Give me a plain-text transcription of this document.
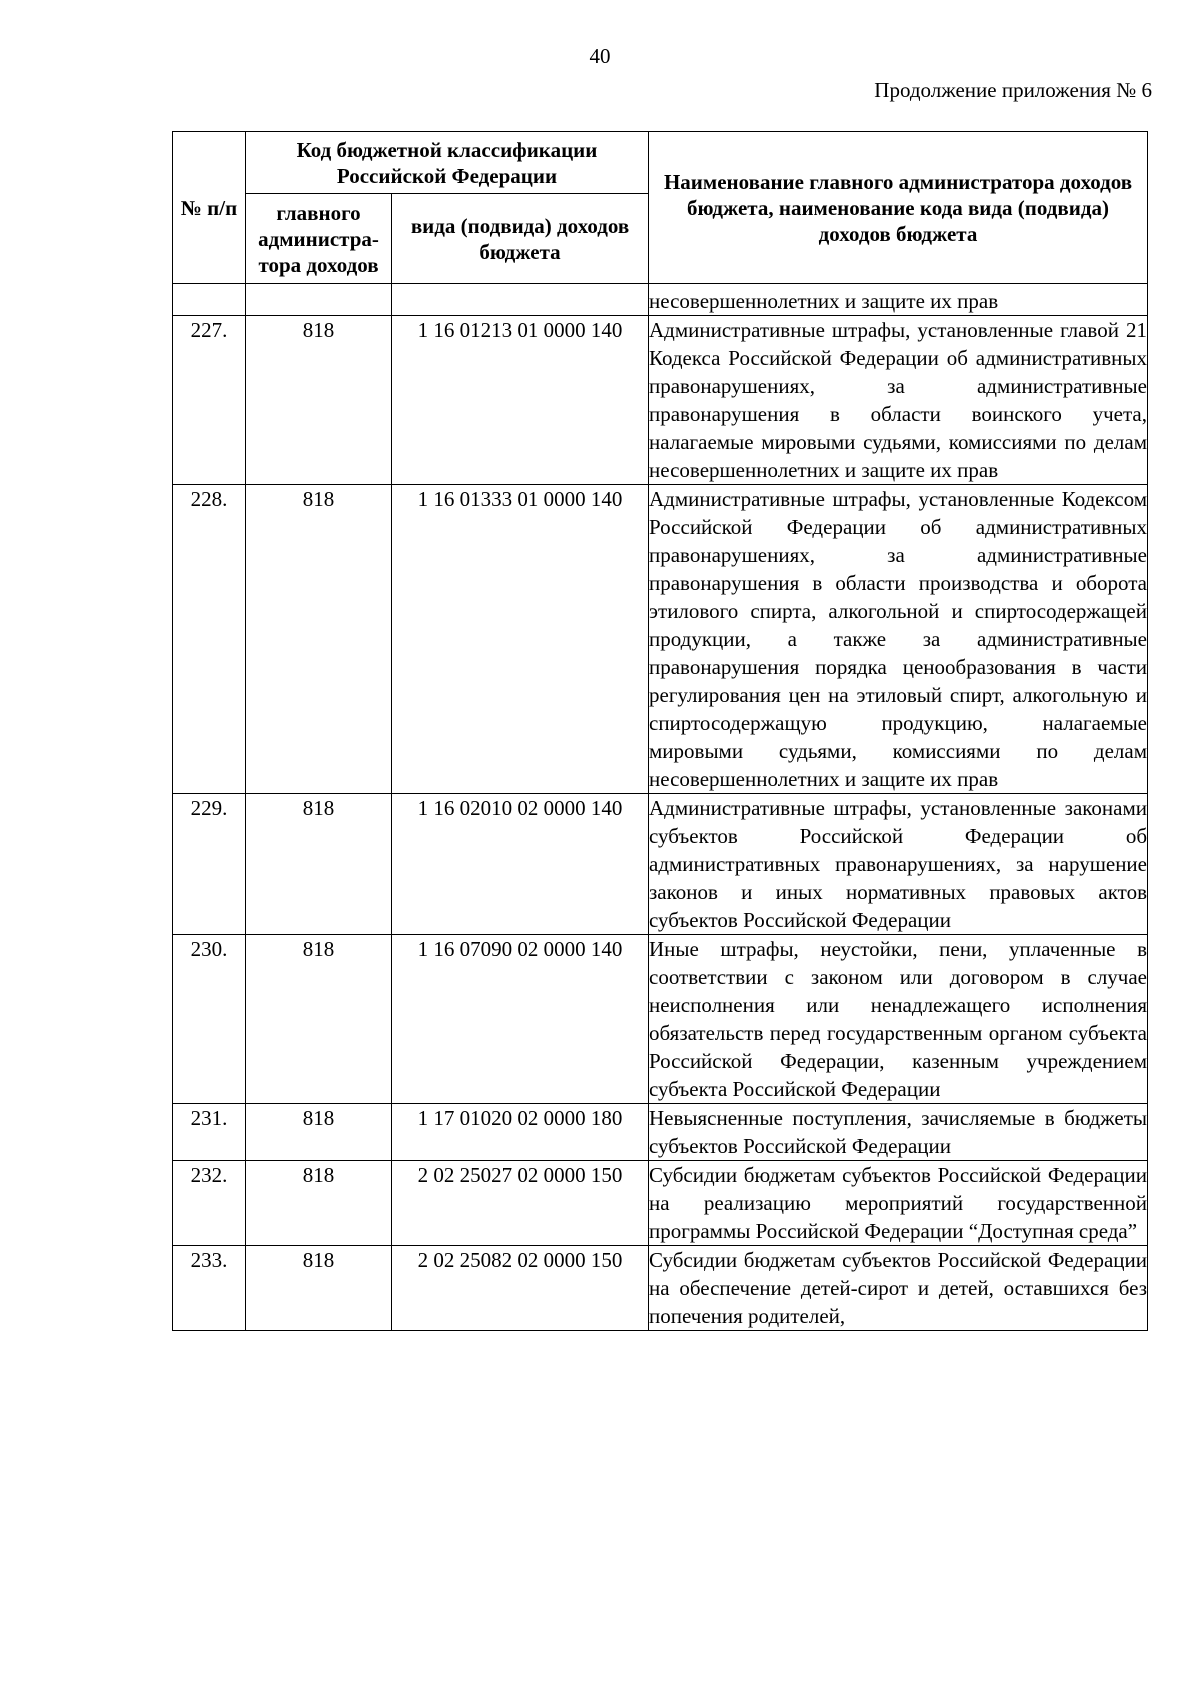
40
Продолжение приложения № 6
№ п/п	Код бюджетной классификации Российской Федерации		Наименование главного администратора доходов бюджета, наименование кода вида (подвида) доходов бюджета
	главного администра-тора доходов	вида (подвида) доходов бюджета	
			несовершеннолетних и защите их прав
227.	818	1 16 01213 01 0000 140	Административные штрафы, установленные главой 21 Кодекса Российской Федерации об административных правонарушениях, за административные правонарушения в области воинского учета, налагаемые мировыми судьями, комиссиями по делам несовершеннолетних и защите их прав
228.	818	1 16 01333 01 0000 140	Административные штрафы, установленные Кодексом Российской Федерации об административных правонарушениях, за административные правонарушения в области производства и оборота этилового спирта, алкогольной и спиртосодержащей продукции, а также за административные правонарушения порядка ценообразования в части регулирования цен на этиловый спирт, алкогольную и спиртосодержащую продукцию, налагаемые мировыми судьями, комиссиями по делам несовершеннолетних и защите их прав
229.	818	1 16 02010 02 0000 140	Административные штрафы, установленные законами субъектов Российской Федерации об административных правонарушениях, за нарушение законов и иных нормативных правовых актов субъектов Российской Федерации
230.	818	1 16 07090 02 0000 140	Иные штрафы, неустойки, пени, уплаченные в соответствии с законом или договором в случае неисполнения или ненадлежащего исполнения обязательств перед государственным органом субъекта Российской Федерации, казенным учреждением субъекта Российской Федерации
231.	818	1 17 01020 02 0000 180	Невыясненные поступления, зачисляемые в бюджеты субъектов Российской Федерации
232.	818	2 02 25027 02 0000 150	Субсидии бюджетам субъектов Российской Федерации на реализацию мероприятий государственной программы Российской Федерации “Доступная среда”
233.	818	2 02 25082 02 0000 150	Субсидии бюджетам субъектов Российской Федерации на обеспечение детей-сирот и детей, оставшихся без попечения родителей,
